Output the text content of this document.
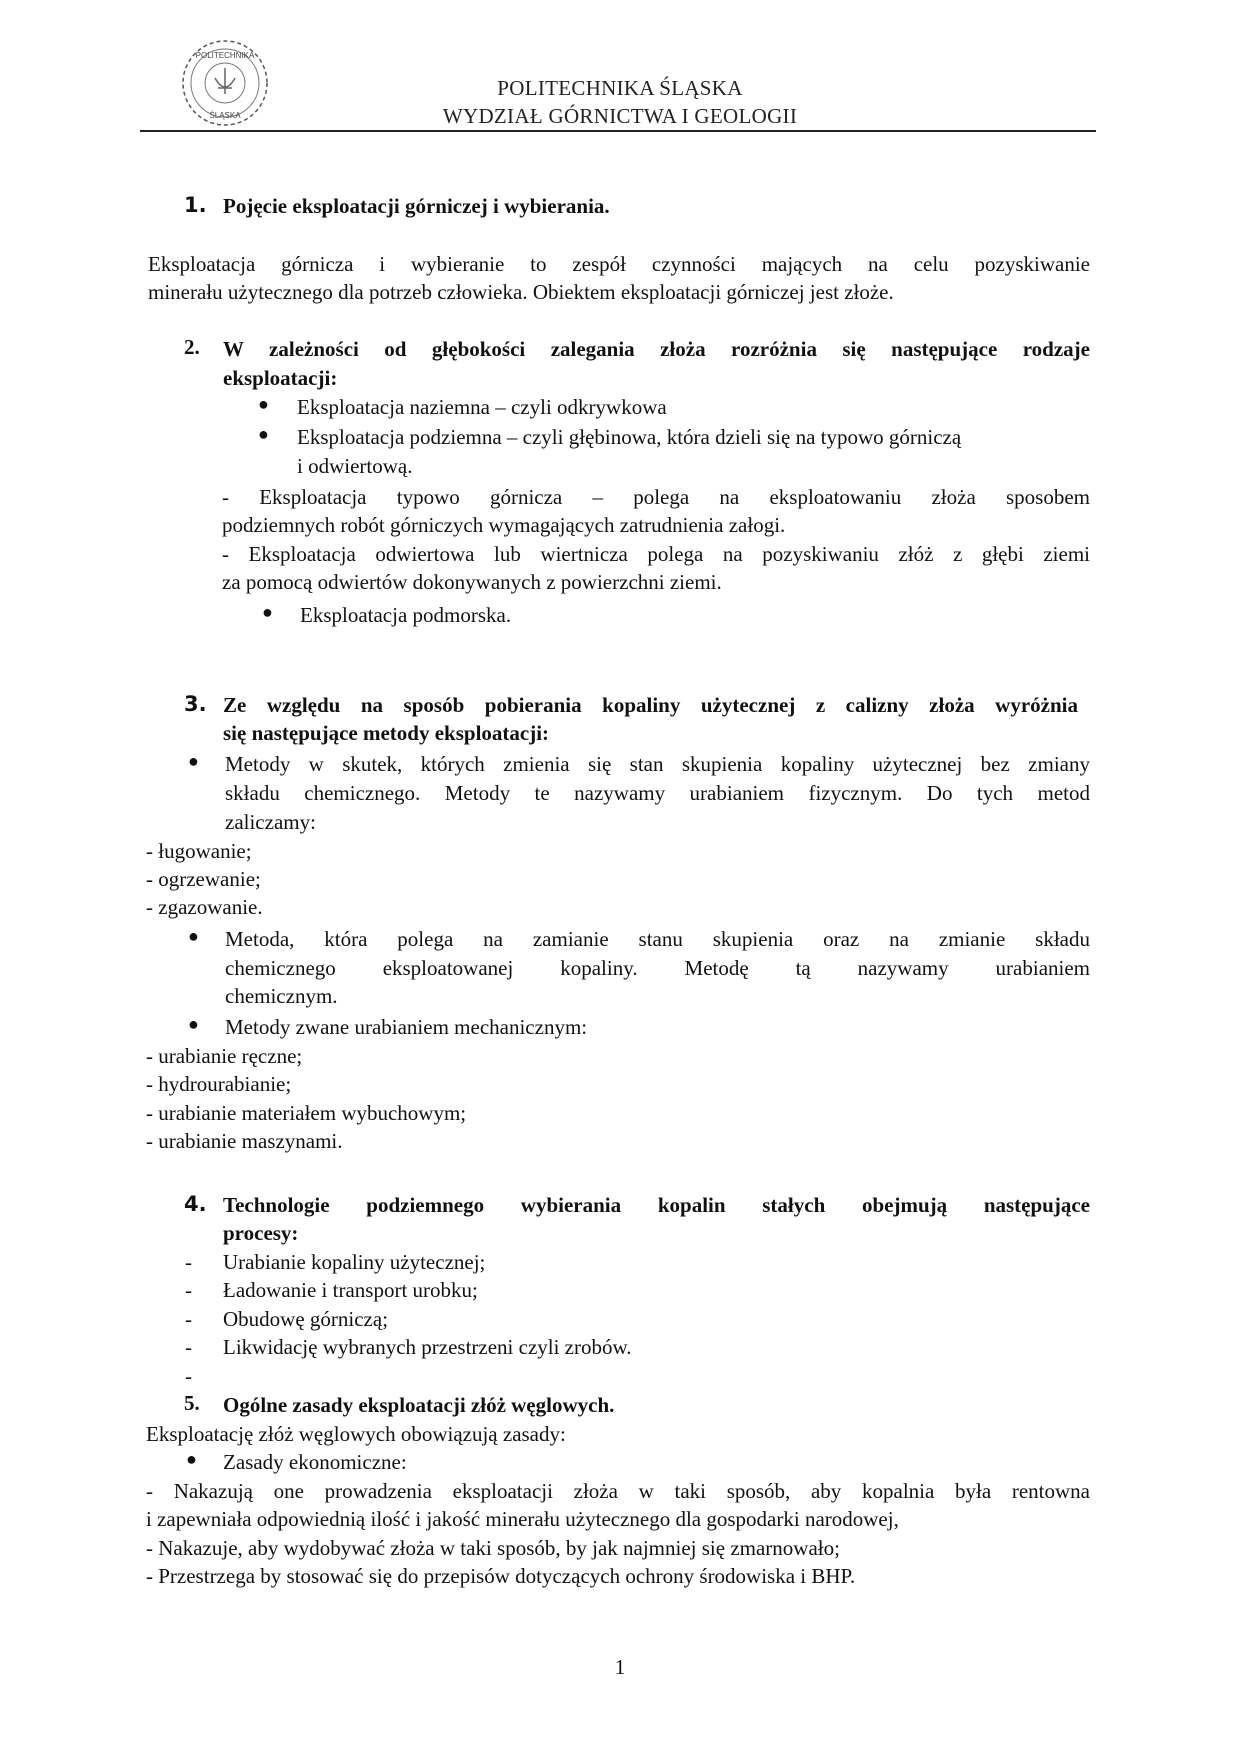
POLITECHNIKA
ŚLĄSKA
POLITECHNIKA ŚLĄSKA
WYDZIAŁ GÓRNICTWA I GEOLOGII
1. Pojęcie eksploatacji górniczej i wybierania.
Eksploatacja górnicza i wybieranie to zespół czynności mających na celu pozyskiwanie
minerału użytecznego dla potrzeb człowieka. Obiektem eksploatacji górniczej jest złoże.
2. W zależności od głębokości zalegania złoża rozróżnia się następujące rodzaje
eksploatacji:
● Eksploatacja naziemna – czyli odkrywkowa
● Eksploatacja podziemna – czyli głębinowa, która dzieli się na typowo górniczą
i odwiertową.
- Eksploatacja typowo górnicza – polega na eksploatowaniu złoża sposobem
podziemnych robót górniczych wymagających zatrudnienia załogi.
- Eksploatacja odwiertowa lub wiertnicza polega na pozyskiwaniu złóż z głębi ziemi
za pomocą odwiertów dokonywanych z powierzchni ziemi.
● Eksploatacja podmorska.
3. Ze względu na sposób pobierania kopaliny użytecznej z calizny złoża wyróżnia
się następujące metody eksploatacji:
● Metody w skutek, których zmienia się stan skupienia kopaliny użytecznej bez zmiany
składu chemicznego. Metody te nazywamy urabianiem fizycznym. Do tych metod
zaliczamy:
- ługowanie;
- ogrzewanie;
- zgazowanie.
● Metoda, która polega na zamianie stanu skupienia oraz na zmianie składu
chemicznego eksploatowanej kopaliny. Metodę tą nazywamy urabianiem
chemicznym.
● Metody zwane urabianiem mechanicznym:
- urabianie ręczne;
- hydrourabianie;
- urabianie materiałem wybuchowym;
- urabianie maszynami.
4. Technologie podziemnego wybierania kopalin stałych obejmują następujące
procesy:
- Urabianie kopaliny użytecznej;
- Ładowanie i transport urobku;
- Obudowę górniczą;
- Likwidację wybranych przestrzeni czyli zrobów.
-
5. Ogólne zasady eksploatacji złóż węglowych.
Eksploatację złóż węglowych obowiązują zasady:
● Zasady ekonomiczne:
- Nakazują one prowadzenia eksploatacji złoża w taki sposób, aby kopalnia była rentowna
i zapewniała odpowiednią ilość i jakość minerału użytecznego dla gospodarki narodowej,
- Nakazuje, aby wydobywać złoża w taki sposób, by jak najmniej się zmarnowało;
- Przestrzega by stosować się do przepisów dotyczących ochrony środowiska i BHP.
1
